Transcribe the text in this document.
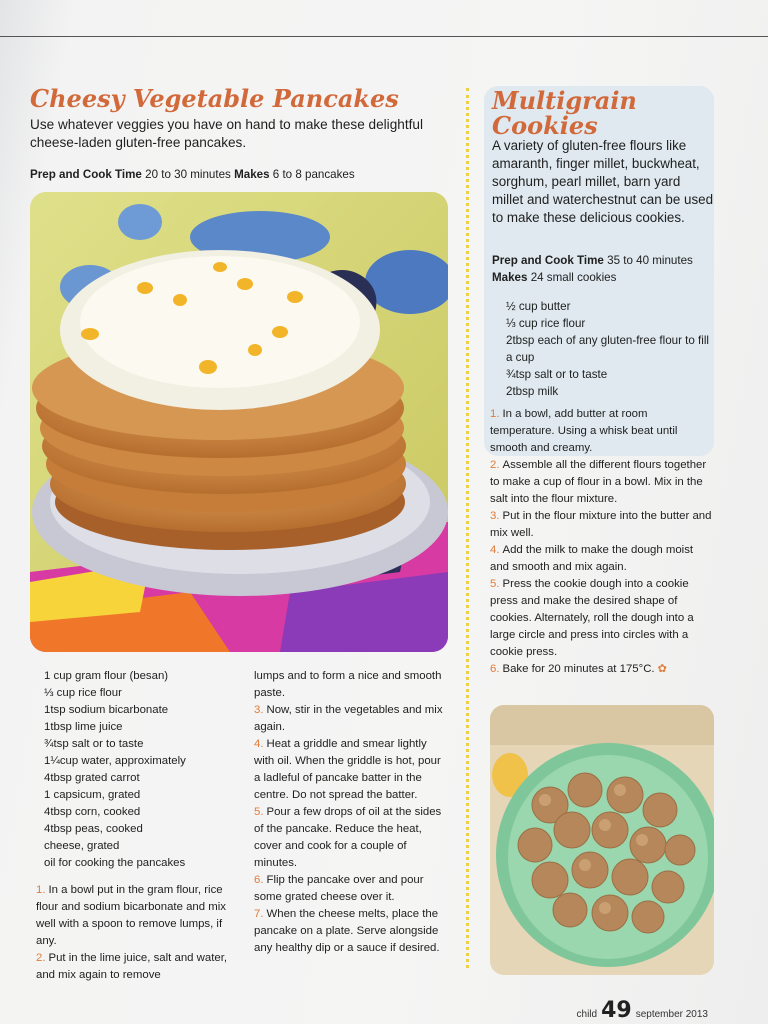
Cheesy Vegetable Pancakes

Use whatever veggies you have on hand to make these delightful cheese-laden gluten-free pancakes.

Prep and Cook Time 20 to 30 minutes Makes 6 to 8 pancakes

1 cup gram flour (besan)
⅓ cup rice flour
1tsp sodium bicarbonate
1tbsp lime juice
¾tsp salt or to taste
1¼cup water, approximately
4tbsp grated carrot
1 capsicum, grated
4tbsp corn, cooked
4tbsp peas, cooked
cheese, grated
oil for cooking the pancakes
1. In a bowl put in the gram flour, rice flour and sodium bicarbonate and mix well with a spoon to remove lumps, if any.
2. Put in the lime juice, salt and water, and mix again to remove
lumps and to form a nice and smooth paste.
3. Now, stir in the vegetables and mix again.
4. Heat a griddle and smear lightly with oil. When the griddle is hot, pour a ladleful of pancake batter in the centre. Do not spread the batter.
5. Pour a few drops of oil at the sides of the pancake. Reduce the heat, cover and cook for a couple of minutes.
6. Flip the pancake over and pour some grated cheese over it.
7. When the cheese melts, place the pancake on a plate. Serve alongside any healthy dip or a sauce if desired.
Multigrain
Cookies

A variety of gluten-free flours like amaranth, finger millet, buckwheat, sorghum, pearl millet, barn yard millet and waterchestnut can be used to make these delicious cookies.

Prep and Cook Time 35 to 40 minutes Makes 24 small cookies

½ cup butter
⅓ cup rice flour
2tbsp each of any gluten-free flour to fill a cup
¾tsp salt or to taste
2tbsp milk
1. In a bowl, add butter at room temperature. Using a whisk beat until smooth and creamy.
2. Assemble all the different flours together to make a cup of flour in a bowl. Mix in the salt into the flour mixture.
3. Put in the flour mixture into the butter and mix well.
4. Add the milk to make the dough moist and smooth and mix again.
5. Press the cookie dough into a cookie press and make the desired shape of cookies. Alternately, roll the dough into a large circle and press into circles with a cookie press.
6. Bake for 20 minutes at 175°C. ✿
child 49 september 2013
